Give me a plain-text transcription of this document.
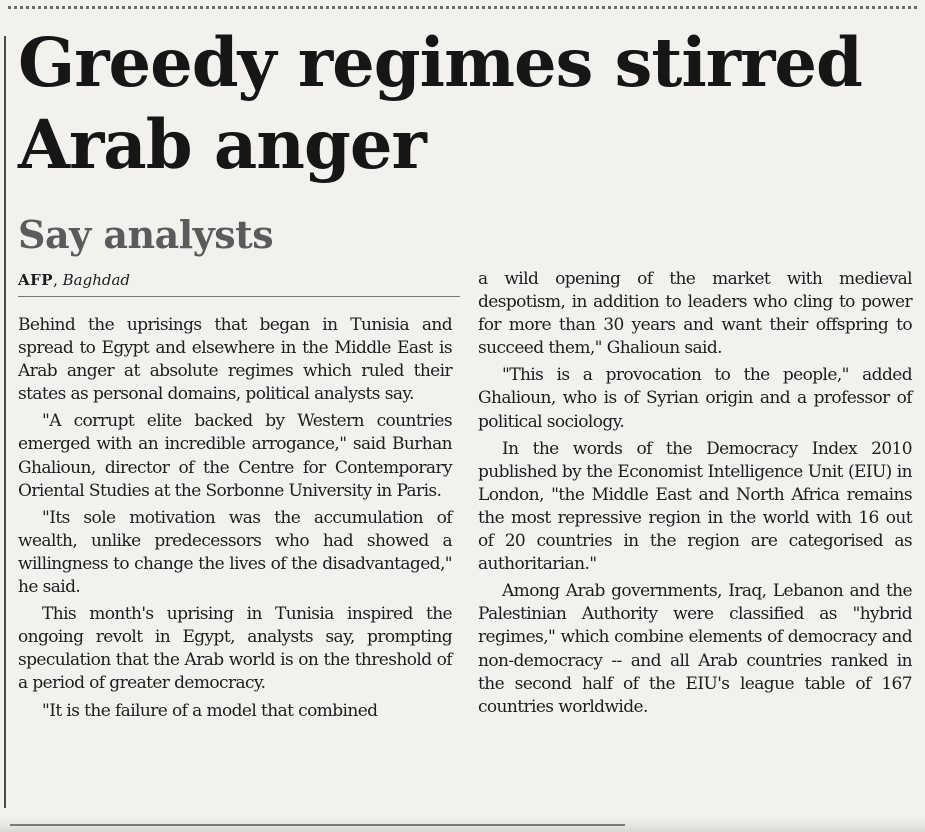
Greedy regimes stirred Arab anger
Say analysts
AFP, Baghdad

Behind the uprisings that began in Tunisia and spread to Egypt and elsewhere in the Middle East is Arab anger at absolute regimes which ruled their states as personal domains, political analysts say.

"A corrupt elite backed by Western countries emerged with an incredible arrogance," said Burhan Ghalioun, director of the Centre for Contemporary Oriental Studies at the Sorbonne University in Paris.

"Its sole motivation was the accumulation of wealth, unlike predecessors who had showed a willingness to change the lives of the disadvantaged," he said.

This month's uprising in Tunisia inspired the ongoing revolt in Egypt, analysts say, prompting speculation that the Arab world is on the threshold of a period of greater democracy.

"It is the failure of a model that combined

a wild opening of the market with medieval despotism, in addition to leaders who cling to power for more than 30 years and want their offspring to succeed them," Ghalioun said.

"This is a provocation to the people," added Ghalioun, who is of Syrian origin and a professor of political sociology.

In the words of the Democracy Index 2010 published by the Economist Intelligence Unit (EIU) in London, "the Middle East and North Africa remains the most repressive region in the world with 16 out of 20 countries in the region are categorised as authoritarian."

Among Arab governments, Iraq, Lebanon and the Palestinian Authority were classified as "hybrid regimes," which combine elements of democracy and non-democracy -- and all Arab countries ranked in the second half of the EIU's league table of 167 countries worldwide.
